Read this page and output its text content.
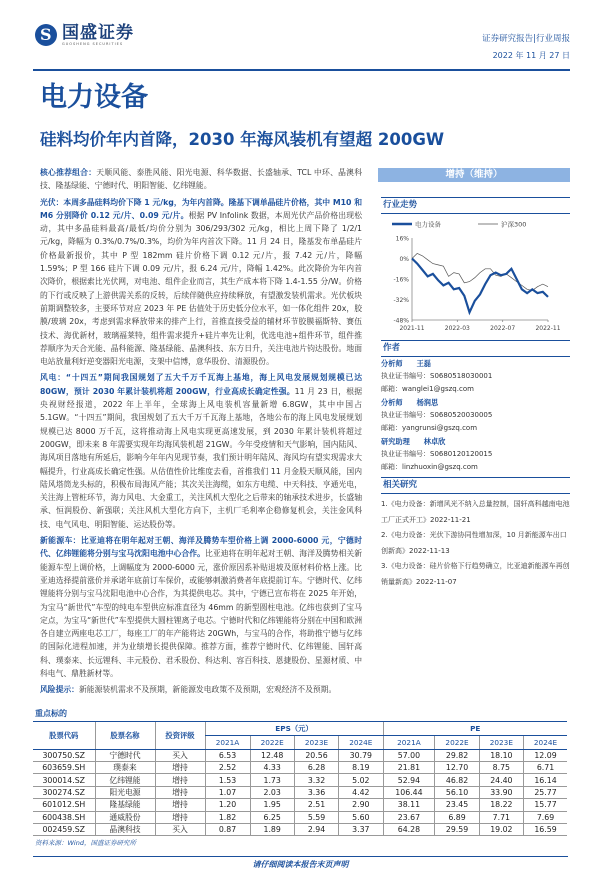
S
国盛证券
GUOSHENG SECURITIES	证券研究报告|行业周报
2022 年 11 月 27 日
电力设备
硅料均价年内首降，2030 年海风装机有望超 200GW

核心推荐组合：天顺风能、泰胜风能、阳光电源、科华数据、长盛轴承、TCL 中环、晶澳科技、隆基绿能、宁德时代、明阳智能、亿纬锂能。

光伏：本周多晶硅料均价下降 1 元/kg，为年内首降。隆基下调单晶硅片价格，其中 M10 和 M6 分别降价 0.12 元/片、0.09 元/片。根据 PV Infolink 数据，本周光伏产品价格出现松动，其中多晶硅料最高/最低/均价分别为 306/293/302 元/kg，相比上周下降了 1/2/1 元/kg，降幅为 0.3%/0.7%/0.3%，均价为年内首次下降。11 月 24 日，隆基发布单晶硅片价格最新报价，其中 P 型 182mm 硅片价格下调 0.12 元/片，报 7.42 元/片，降幅 1.59%；P 型 166 硅片下调 0.09 元/片，报 6.24 元/片，降幅 1.42%。此次降价为年内首次降价，根据索比光伏网，对电池、组件企业而言，其生产成本将下降 1.4-1.55 分/W。价格的下行或反映了上游供需关系的反转，后续伴随供应持续释放，有望激发装机需求。光伏板块前期调整较多，主要环节对应 2023 年 PE 估值处于历史低分位水平，如一体化组件 20x，胶膜/玻璃 20x，考虑到需求释放带来的排产上行，首推直接受益的辅材环节胶膜福斯特、赛伍技术、海优新材，玻璃福莱特，组件需求提升+硅片率先让利，优选电池+组件环节，组件推荐顺序为天合光能、晶科能源、隆基绿能、晶澳科技、东方日升，关注电池片钧达股份。地面电站放量利好逆变器阳光电源，支架中信博，意华股份、清源股份。

风电：“十四五”期间我国规划了五大千万千瓦海上基地，海上风电发展规划规模已达 80GW，预计 2030 年累计装机将超 200GW，行业高成长确定性强。11 月 23 日，根据央视财经报道，2022 年上半年，全球海上风电装机容量新增 6.8GW，其中中国占 5.1GW。“十四五”期间，我国规划了五大千万千瓦海上基地，各地公布的海上风电发展规划规模已达 8000 万千瓦，这将推动海上风电实现更高速发展，到 2030 年累计装机将超过 200GW，即未来 8 年需要实现年均海风装机超 21GW。今年受疫情和天气影响，国内陆风、海风项目落地有所延后，影响今年年内见现节奏，我们预计明年陆风、海风均有望实现需求大幅提升，行业高成长确定性强。从估值性价比维度去看，首推我们 11 月金股天顺风能，国内陆风塔筒龙头标的，积极布局海风产能；其次关注海缆，如东方电缆、中天科技、亨通光电，关注海上管桩环节，海力风电、大金重工，关注风机大型化之后带来的轴承技术进步，长盛轴承、恒润股份、新强联；关注风机大型化方向下，主机厂毛利率企稳修复机会，关注金风科技、电气风电、明阳智能、运达股份等。

新能源车：比亚迪将在明年起对王朝、海洋及腾势车型价格上调 2000-6000 元，宁德时代、亿纬锂能将分别与宝马沈阳电池中心合作。比亚迪将在明年起对王朝、海洋及腾势相关新能源车型上调价格，上调幅度为 2000-6000 元，涨价原因系补贴退坡及原材料价格上涨。比亚迪选择提前涨价并承诺年底前订车保价，或能够刺激消费者年底提前订车。宁德时代、亿纬锂能将分别与宝马沈阳电池中心合作，为其提供电芯。其中，宁德已宣布将在 2025 年开始，为宝马“新世代”车型的纯电车型供应标准直径为 46mm 的新型圆柱电池。亿纬也获到了宝马定点，为宝马“新世代”车型提供大圆柱锂离子电芯。宁德时代和亿纬锂能将分别在中国和欧洲各自建立两座电芯工厂，每座工厂的年产能将达 20GWh，与宝马的合作，将助推宁德与亿纬的国际化进程加速，并为业绩增长提供保障。推荐方面，推荐宁德时代、亿纬锂能、国轩高科、璞泰来、长远锂科、丰元股份、君禾股份、科达利、容百科技、恩捷股份、星源材质、中科电气、鼎胜新材等。

风险提示：新能源装机需求不及预期，新能源发电政策不及预期，宏观经济不及预期。

增持（维持）
行业走势
16%
0%
-16%
-32%
-48%
2021-11	2022-03	2022-07	2022-11
电力设备	沪深300
作者
分析师 王磊
执业证书编号：S0680518030001
邮箱：wanglei1@gszq.com
分析师 杨润思
执业证书编号：S0680520030005
邮箱：yangrunsi@gszq.com
研究助理 林卓欣
执业证书编号：S0680120120015
邮箱：linzhuoxin@gszq.com
相关研究
1.《电力设备：新增风光不纳入总量控制，国轩高科越南电池工厂正式开工》2022-11-21
2.《电力设备：光伏下游协同性增加深，10 月新能源车出口创新高》2022-11-13
3.《电力设备：硅片价格下行趋势确立，比亚迪新能源车再创销量新高》2022-11-07
重点标的
股票代码	股票名称	投资评级	EPS（元）				PE			
			2021A	2022E	2023E	2024E	2021A	2022E	2023E	2024E
300750.SZ	宁德时代	买入	6.53	12.48	20.56	30.79	57.00	29.82	18.10	12.09
603659.SH	璞泰来	增持	2.52	4.33	6.28	8.19	21.81	12.70	8.75	6.71
300014.SZ	亿纬锂能	增持	1.53	1.73	3.32	5.02	52.94	46.82	24.40	16.14
300274.SZ	阳光电源	增持	1.07	2.03	3.36	4.42	106.44	56.10	33.90	25.77
601012.SH	隆基绿能	增持	1.20	1.95	2.51	2.90	38.11	23.45	18.22	15.77
600438.SH	通威股份	增持	1.82	6.25	5.59	5.60	23.67	6.89	7.71	7.69
002459.SZ	晶澳科技	买入	0.87	1.89	2.94	3.37	64.28	29.59	19.02	16.59
资料来源：Wind，国盛证券研究所
请仔细阅读本报告末页声明
